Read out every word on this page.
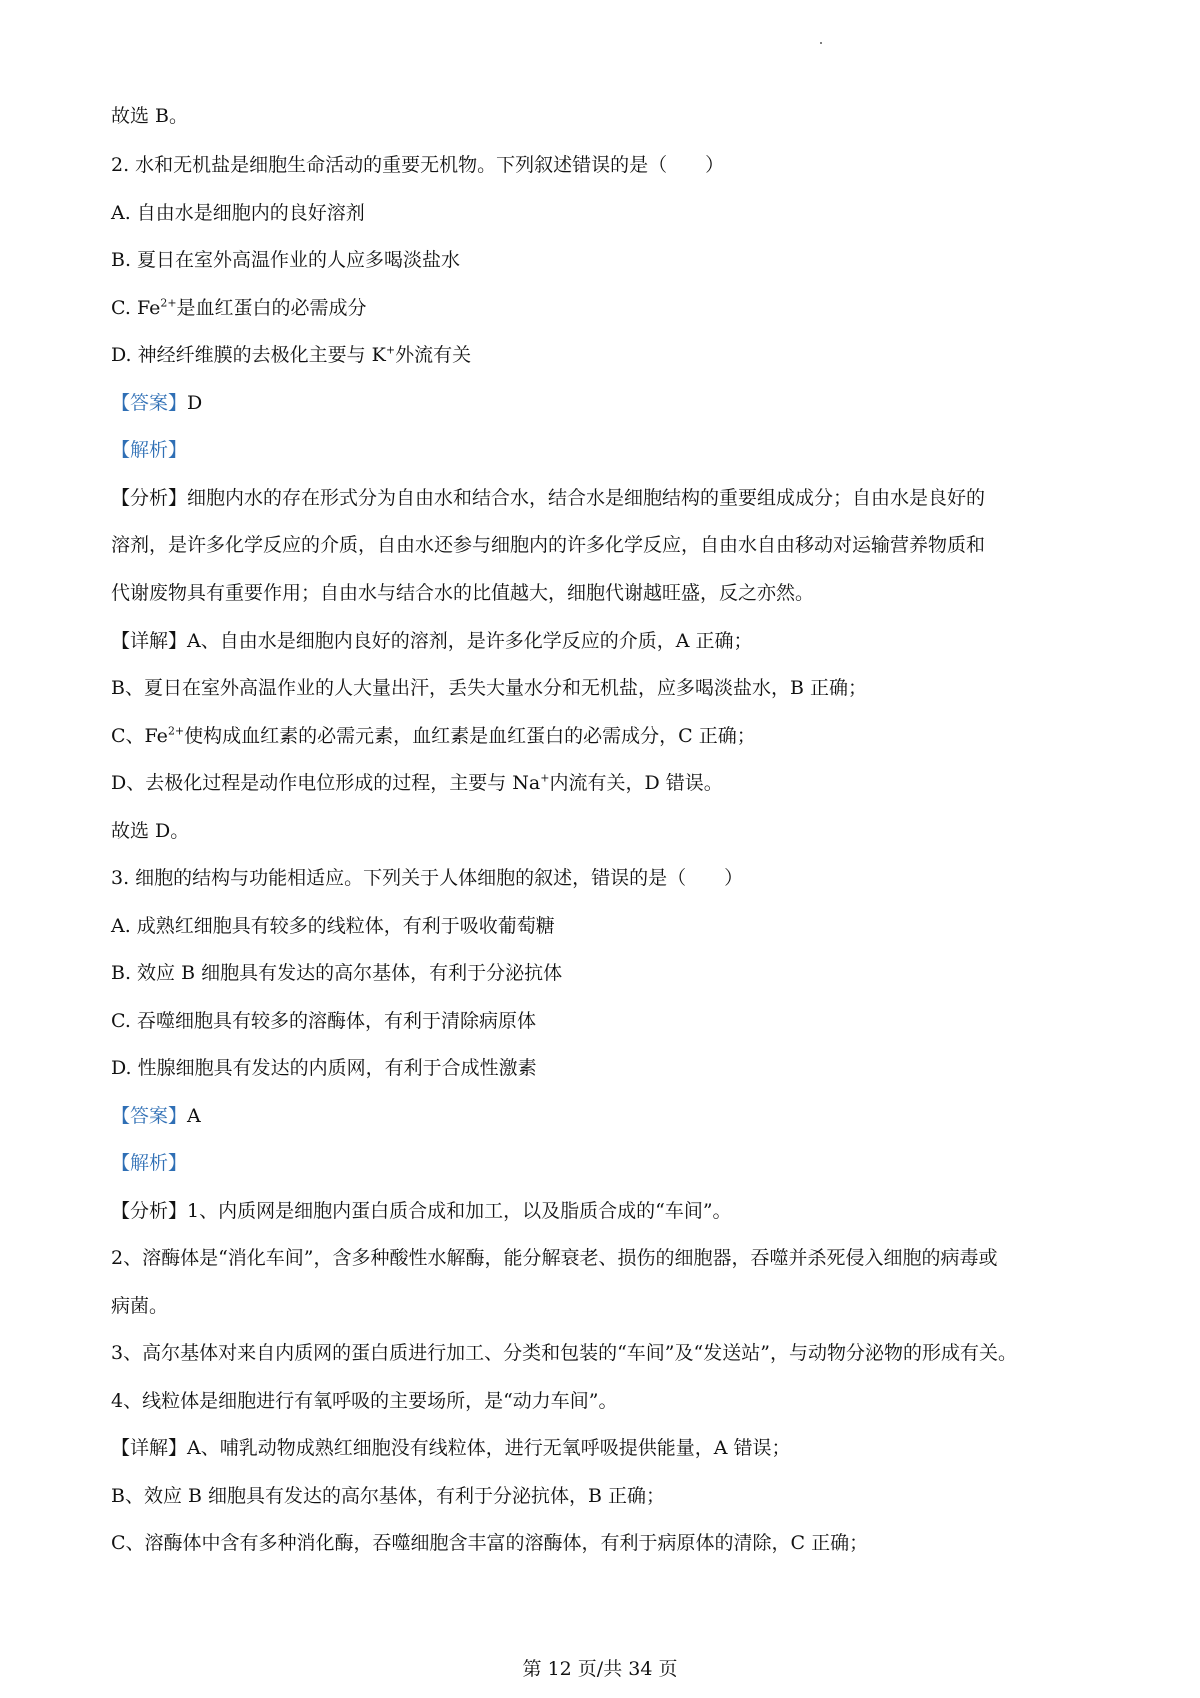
故选 B。
2. 水和无机盐是细胞生命活动的重要无机物。下列叙述错误的是（　　）
A. 自由水是细胞内的良好溶剂
B. 夏日在室外高温作业的人应多喝淡盐水
C. $Fe^{2+}$是血红蛋白的必需成分
D. 神经纤维膜的去极化主要与 K+外流有关
【答案】D
【解析】
【分析】细胞内水的存在形式分为自由水和结合水，结合水是细胞结构的重要组成成分；自由水是良好的
溶剂，是许多化学反应的介质，自由水还参与细胞内的许多化学反应，自由水自由移动对运输营养物质和
代谢废物具有重要作用；自由水与结合水的比值越大，细胞代谢越旺盛，反之亦然。
【详解】A、自由水是细胞内良好的溶剂，是许多化学反应的介质，A 正确；
B、夏日在室外高温作业的人大量出汗，丢失大量水分和无机盐，应多喝淡盐水，B 正确；
C、$Fe^{2+}$使构成血红素的必需元素，血红素是血红蛋白的必需成分，C 正确；
D、去极化过程是动作电位形成的过程，主要与 Na+内流有关，D 错误。
故选 D。
3. 细胞的结构与功能相适应。下列关于人体细胞的叙述，错误的是（　　）
A. 成熟红细胞具有较多的线粒体，有利于吸收葡萄糖
B. 效应 B 细胞具有发达的高尔基体，有利于分泌抗体
C. 吞噬细胞具有较多的溶酶体，有利于清除病原体
D. 性腺细胞具有发达的内质网，有利于合成性激素
【答案】A
【解析】
【分析】1、内质网是细胞内蛋白质合成和加工，以及脂质合成的“车间”。
2、溶酶体是“消化车间”，含多种酸性水解酶，能分解衰老、损伤的细胞器，吞噬并杀死侵入细胞的病毒或
病菌。
3、高尔基体对来自内质网的蛋白质进行加工、分类和包装的“车间”及“发送站”，与动物分泌物的形成有关。
4、线粒体是细胞进行有氧呼吸的主要场所，是“动力车间”。
【详解】A、哺乳动物成熟红细胞没有线粒体，进行无氧呼吸提供能量，A 错误；
B、效应 B 细胞具有发达的高尔基体，有利于分泌抗体，B 正确；
C、溶酶体中含有多种消化酶，吞噬细胞含丰富的溶酶体，有利于病原体的清除，C 正确；
第 12 页/共 34 页
